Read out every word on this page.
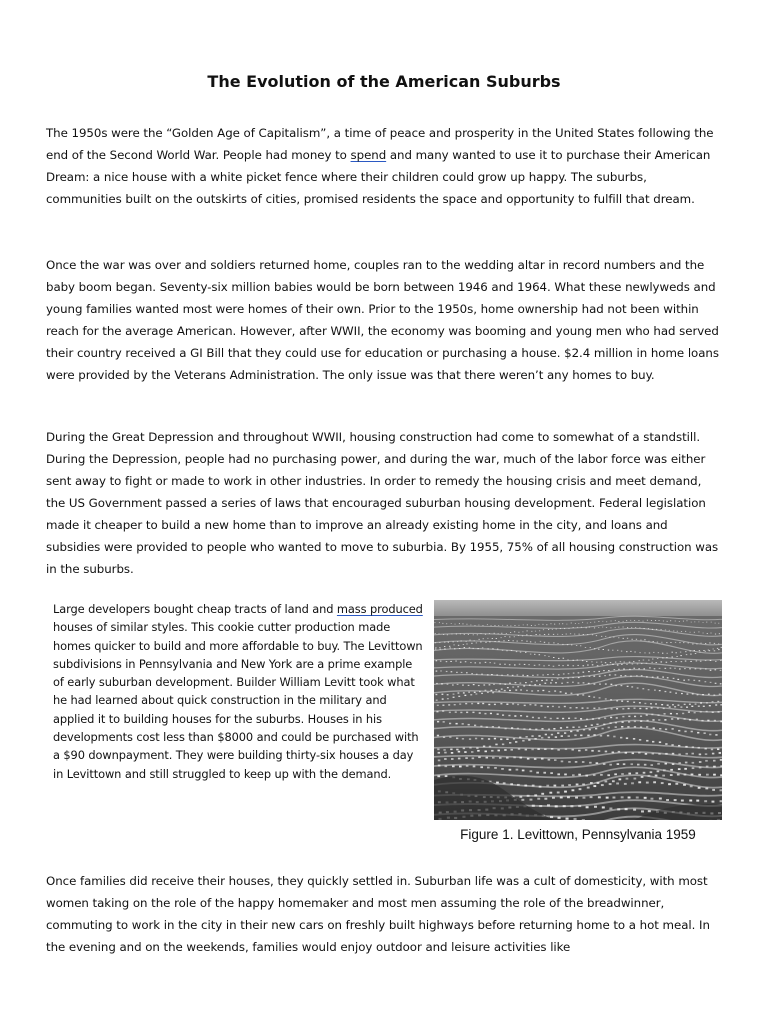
The Evolution of the American Suburbs

The 1950s were the “Golden Age of Capitalism”, a time of peace and prosperity in the United States following the end of the Second World War. People had money to spend and many wanted to use it to purchase their American Dream: a nice house with a white picket fence where their children could grow up happy. The suburbs, communities built on the outskirts of cities, promised residents the space and opportunity to fulfill that dream.

Once the war was over and soldiers returned home, couples ran to the wedding altar in record numbers and the baby boom began. Seventy-six million babies would be born between 1946 and 1964. What these newlyweds and young families wanted most were homes of their own. Prior to the 1950s, home ownership had not been within reach for the average American. However, after WWII, the economy was booming and young men who had served their country received a GI Bill that they could use for education or purchasing a house. $2.4 million in home loans were provided by the Veterans Administration. The only issue was that there weren’t any homes to buy.

During the Great Depression and throughout WWII, housing construction had come to somewhat of a standstill. During the Depression, people had no purchasing power, and during the war, much of the labor force was either sent away to fight or made to work in other industries. In order to remedy the housing crisis and meet demand, the US Government passed a series of laws that encouraged suburban housing development. Federal legislation made it cheaper to build a new home than to improve an already existing home in the city, and loans and subsidies were provided to people who wanted to move to suburbia. By 1955, 75% of all housing construction was in the suburbs.

Large developers bought cheap tracts of land and mass produced houses of similar styles. This cookie cutter production made homes quicker to build and more affordable to buy. The Levittown subdivisions in Pennsylvania and New York are a prime example of early suburban development. Builder William Levitt took what he had learned about quick construction in the military and applied it to building houses for the suburbs. Houses in his developments cost less than $8000 and could be purchased with a $90 downpayment. They were building thirty-six houses a day in Levittown and still struggled to keep up with the demand.

Figure 1. Levittown, Pennsylvania 1959

Once families did receive their houses, they quickly settled in. Suburban life was a cult of domesticity, with most women taking on the role of the happy homemaker and most men assuming the role of the breadwinner, commuting to work in the city in their new cars on freshly built highways before returning home to a hot meal. In the evening and on the weekends, families would enjoy outdoor and leisure activities like
